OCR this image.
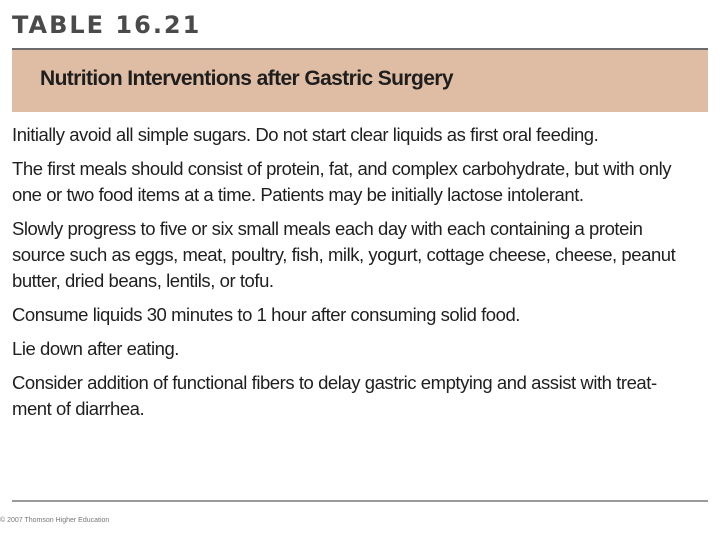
TABLE 16.21
Nutrition Interventions after Gastric Surgery

Initially avoid all simple sugars. Do not start clear liquids as first oral feeding.

The first meals should consist of protein, fat, and complex carbohydrate, but with only
one or two food items at a time. Patients may be initially lactose intolerant.

Slowly progress to five or six small meals each day with each containing a protein
source such as eggs, meat, poultry, fish, milk, yogurt, cottage cheese, cheese, peanut
butter, dried beans, lentils, or tofu.

Consume liquids 30 minutes to 1 hour after consuming solid food.

Lie down after eating.

Consider addition of functional fibers to delay gastric emptying and assist with treat-
ment of diarrhea.

© 2007 Thomson Higher Education
